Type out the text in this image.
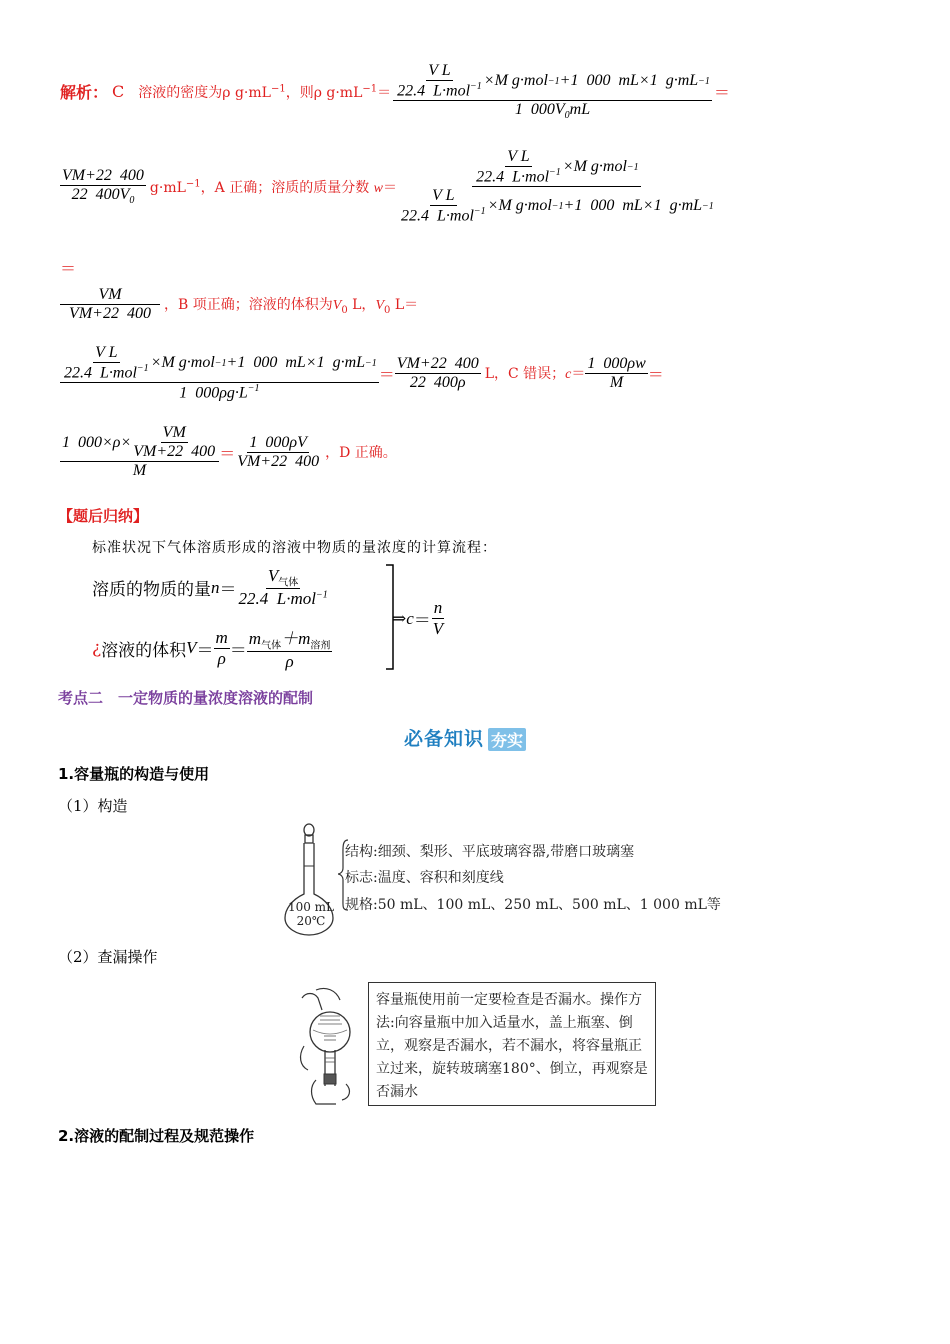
解析： C 溶液的密度为ρ $g\cdot mL^{-1}$，则ρ $g\cdot mL^{-1}= \frac{\frac{\text{V L}}{22.4 L\cdot mol^{-1}} \times M g\cdot mol -1 +1 000 mL\times 1 g\cdot mL -1}{1 000V_0mL}$ ＝
$\frac{VM+22 400}{22 400V_0} g\cdot mL^{-1}$，A 正确；溶质的质量分数 $w= \frac{\frac{\text{V L}}{22.4 L\cdot mol^{-1}} \times M g\cdot mol -1}{\frac{\text{V L}}{22.4 L\cdot mol^{-1}} \times M g\cdot mol -1 +1 000 mL\times 1 g\cdot mL -1}$
＝
$\frac{VM}{VM+22 400}$ ，B 项正确；溶液的体积为$V_0$ L，$V_0$ L＝
$\frac{\frac{\text{V L}}{22.4 L\cdot mol^{-1}} \times M g\cdot mol -1 +1 000 mL\times 1 g\cdot mL -1}{1 000\rho g\cdot L^{-1}} = \frac{VM+22 400}{22 400\rho}$ L，C 错误；$c= \frac{1 000\rho w}{M}$ ＝
$\frac{1 000\times\rho\times \frac{VM}{VM+22 400}}{M} = \frac{1 000\rho V}{VM+22 400}$ ，D 正确。
【题后归纳】
标准状况下气体溶质形成的溶液中物质的量浓度的计算流程：
溶质的物质的量 $n = \frac{V_{气体}}{22.4 L\cdot mol^{-1}}$
¿ 溶液的体积 $V = \frac{m}{\rho} = \frac{m_{气体}+m_{溶剂}}{\rho}$
⇒ $c = \frac{n}{V}$
考点二　一定物质的量浓度溶液的配制
必备知识 夯实
1.容量瓶的构造与使用
（1）构造
100 mL
20℃
结构:细颈、梨形、平底玻璃容器,带磨口玻璃塞
标志:温度、容积和刻度线
规格:50 mL、100 mL、250 mL、500 mL、1 000 mL等
（2）查漏操作
容量瓶使用前一定要检查是否漏水。操作方法:向容量瓶中加入适量水，盖上瓶塞、倒立，观察是否漏水，若不漏水，将容量瓶正立过来，旋转玻璃塞180°、倒立，再观察是否漏水
2.溶液的配制过程及规范操作
